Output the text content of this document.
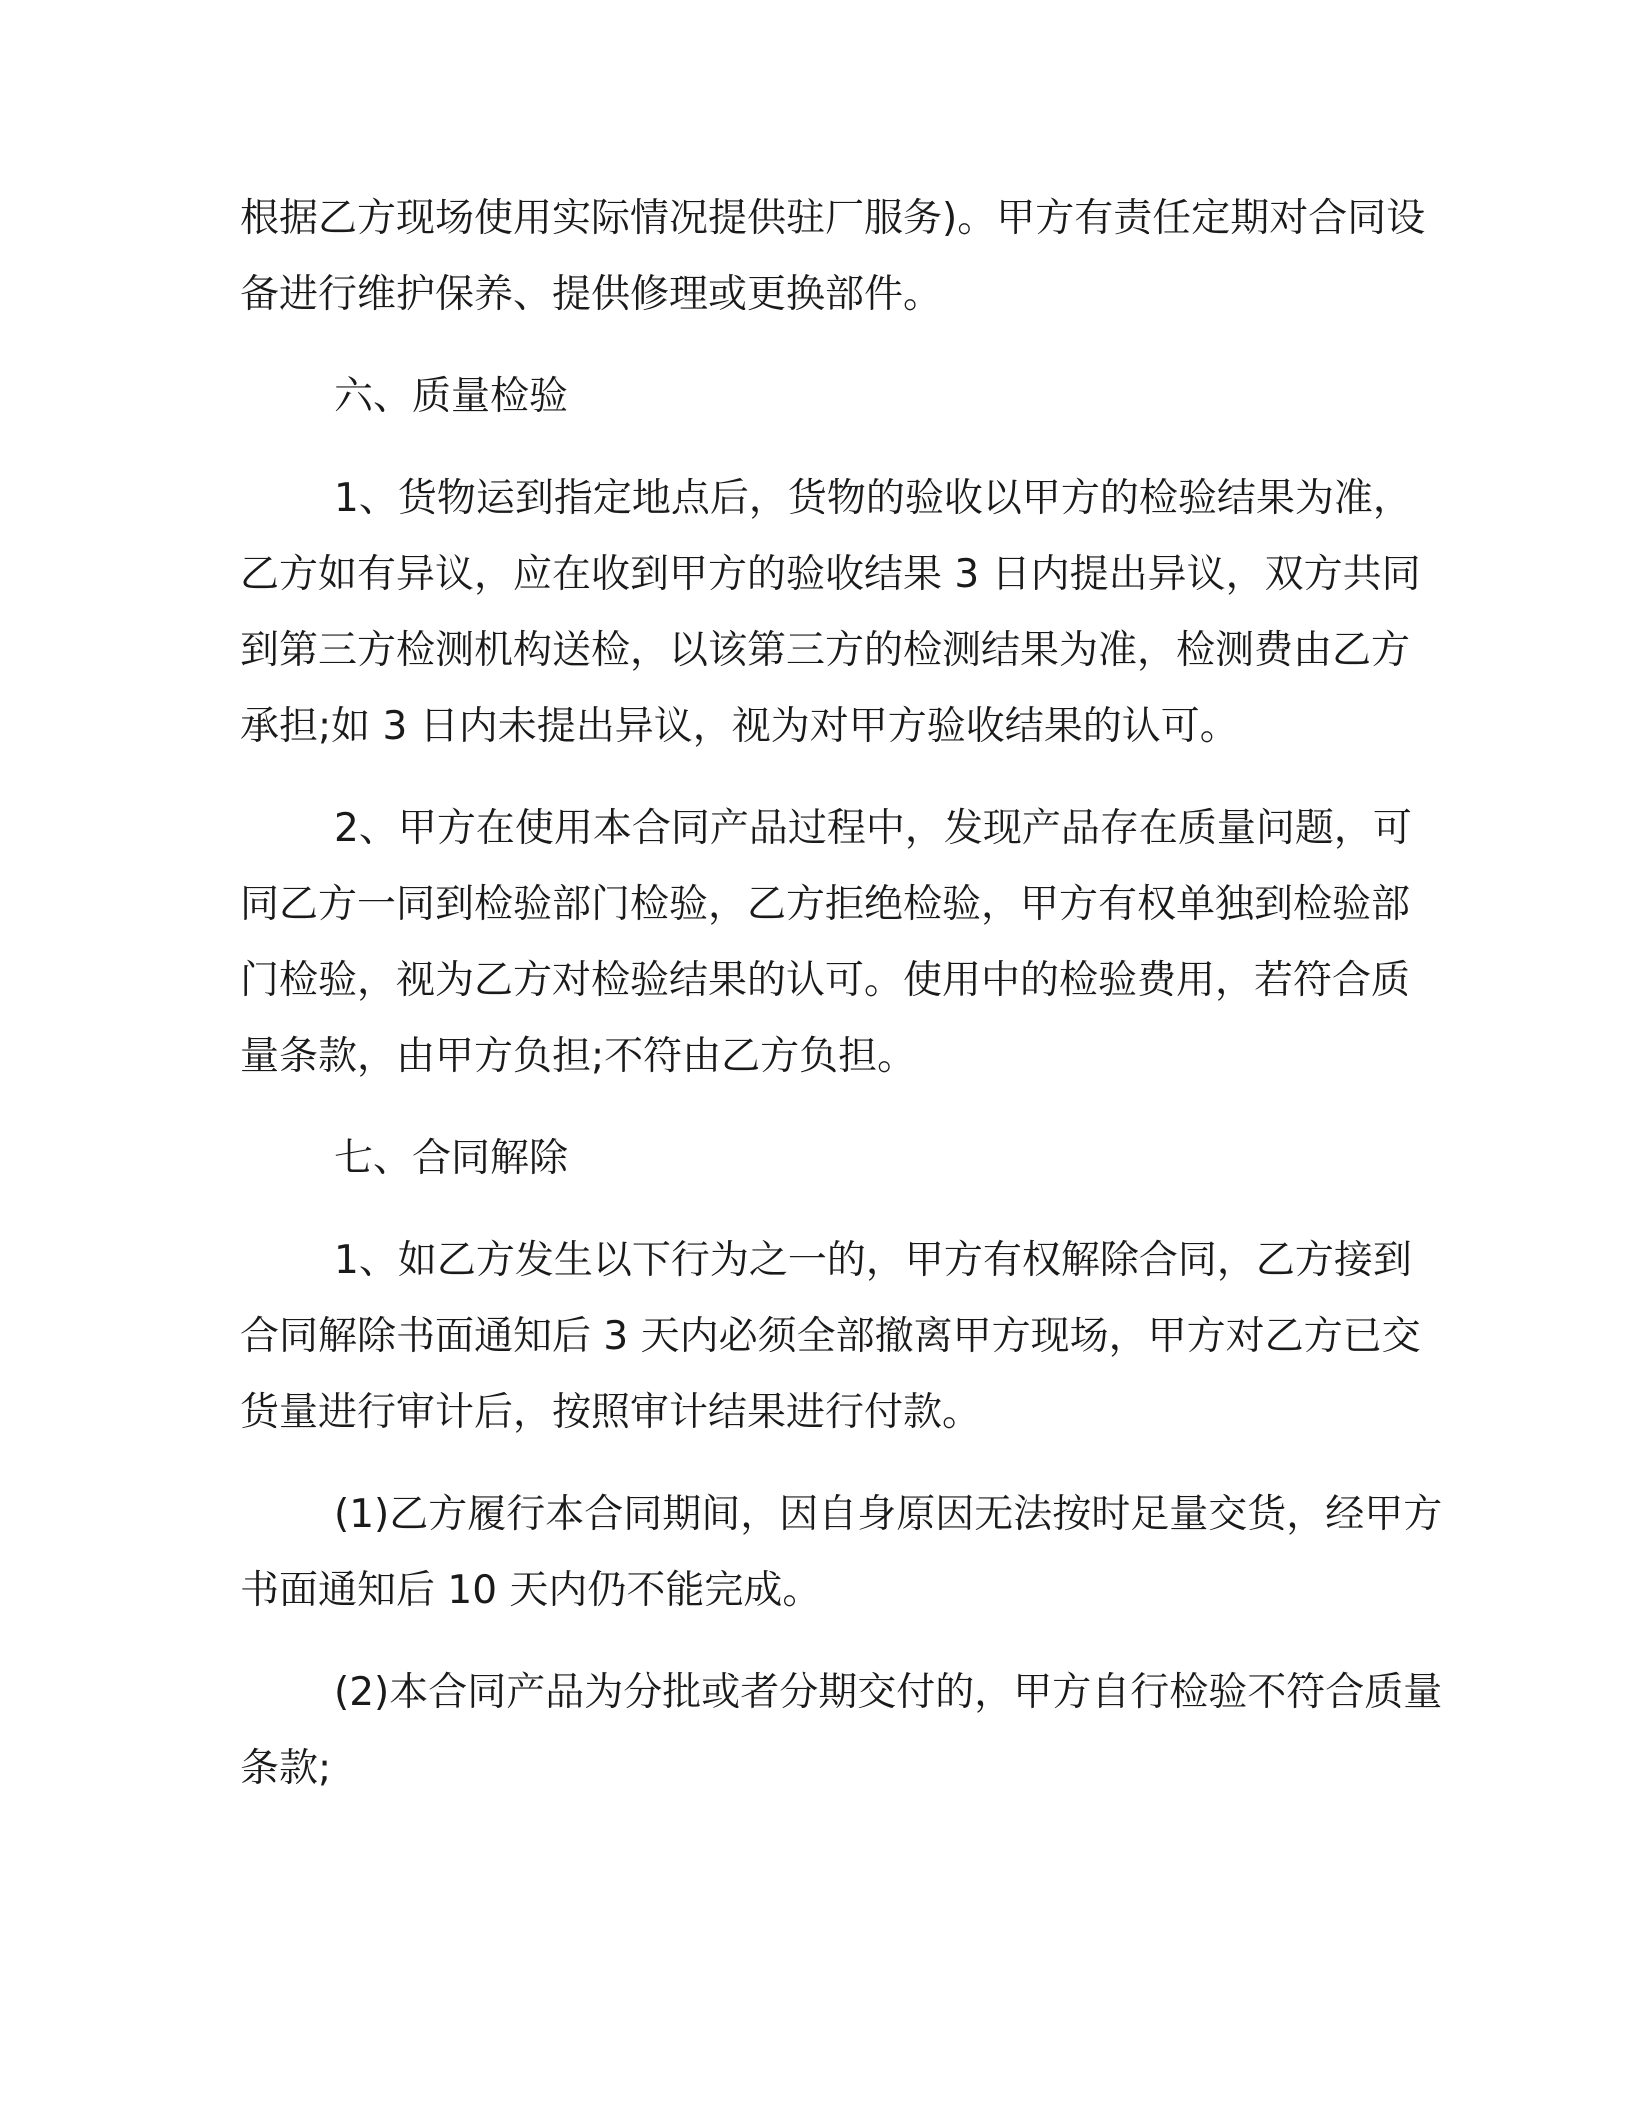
根据乙方现场使用实际情况提供驻厂服务)。甲方有责任定期对合同设
备进行维护保养、提供修理或更换部件。
六、质量检验
1、货物运到指定地点后，货物的验收以甲方的检验结果为准，
乙方如有异议，应在收到甲方的验收结果 3 日内提出异议，双方共同
到第三方检测机构送检，以该第三方的检测结果为准，检测费由乙方
承担;如 3 日内未提出异议，视为对甲方验收结果的认可。
2、甲方在使用本合同产品过程中，发现产品存在质量问题，可
同乙方一同到检验部门检验，乙方拒绝检验，甲方有权单独到检验部
门检验，视为乙方对检验结果的认可。使用中的检验费用，若符合质
量条款，由甲方负担;不符由乙方负担。
七、合同解除
1、如乙方发生以下行为之一的，甲方有权解除合同，乙方接到
合同解除书面通知后 3 天内必须全部撤离甲方现场，甲方对乙方已交
货量进行审计后，按照审计结果进行付款。
(1)乙方履行本合同期间，因自身原因无法按时足量交货，经甲方
书面通知后 10 天内仍不能完成。
(2)本合同产品为分批或者分期交付的，甲方自行检验不符合质量
条款;
